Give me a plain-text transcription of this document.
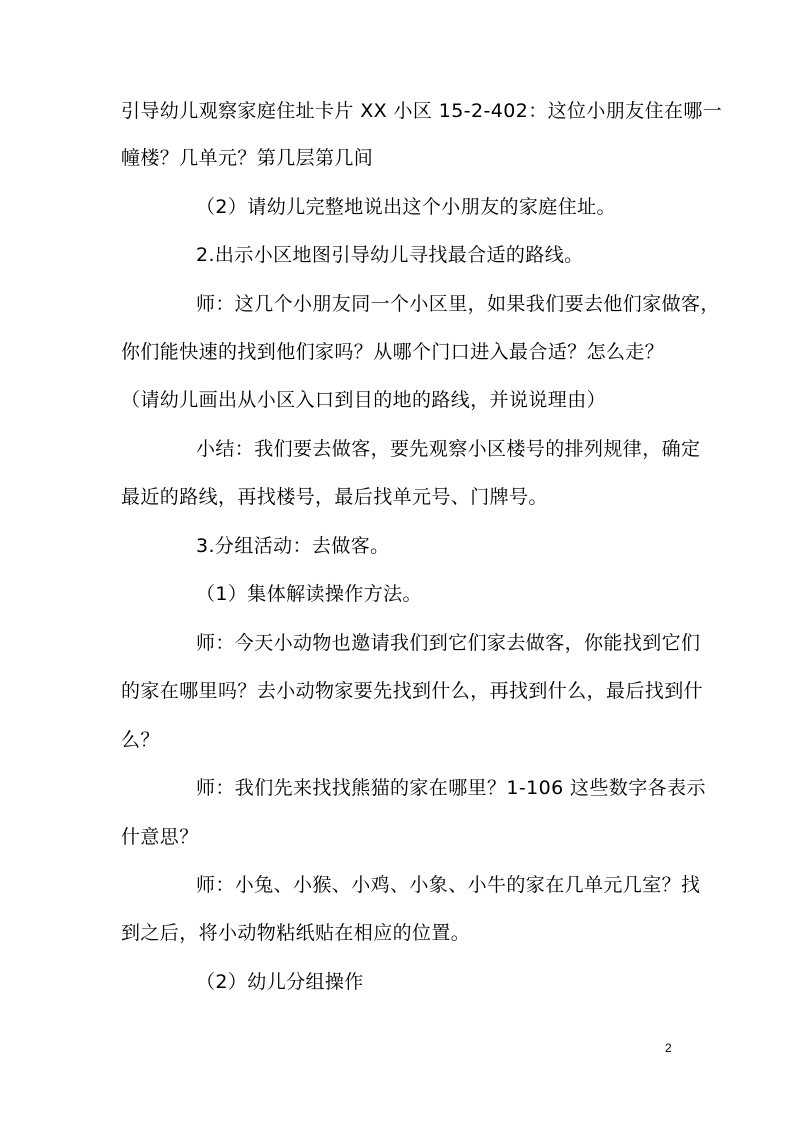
引导幼儿观察家庭住址卡片 XX 小区 15-2-402：这位小朋友住在哪一
幢楼？几单元？第几层第几间
（2）请幼儿完整地说出这个小朋友的家庭住址。
2.出示小区地图引导幼儿寻找最合适的路线。
师：这几个小朋友同一个小区里，如果我们要去他们家做客，
你们能快速的找到他们家吗？从哪个门口进入最合适？怎么走？
（请幼儿画出从小区入口到目的地的路线，并说说理由）
小结：我们要去做客，要先观察小区楼号的排列规律，确定
最近的路线，再找楼号，最后找单元号、门牌号。
3.分组活动：去做客。
（1）集体解读操作方法。
师：今天小动物也邀请我们到它们家去做客，你能找到它们
的家在哪里吗？去小动物家要先找到什么，再找到什么，最后找到什
么？
师：我们先来找找熊猫的家在哪里？1-106 这些数字各表示
什意思？
师：小兔、小猴、小鸡、小象、小牛的家在几单元几室？找
到之后，将小动物粘纸贴在相应的位置。
（2）幼儿分组操作
2
